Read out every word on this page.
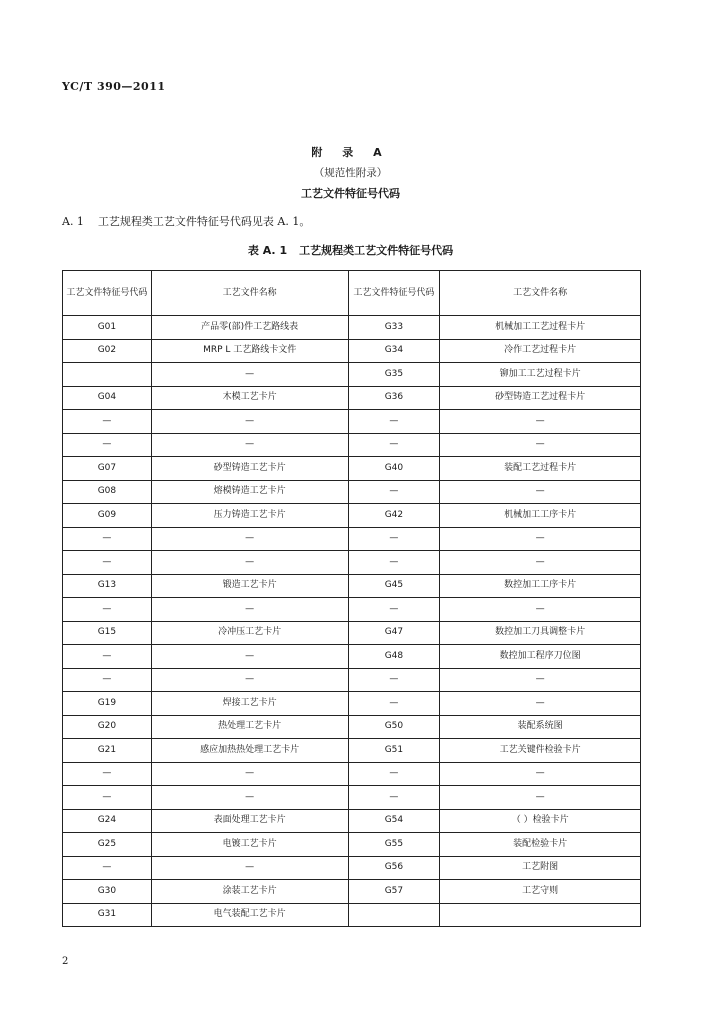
YC/T 390—2011
附 录 A
（规范性附录）
工艺文件特征号代码
A. 1 工艺规程类工艺文件特征号代码见表 A. 1。
表 A. 1 工艺规程类工艺文件特征号代码
工艺文件特征号代码	工艺文件名称	工艺文件特征号代码	工艺文件名称
G01	产品零(部)件工艺路线表	G33	机械加工工艺过程卡片
G02	MRP L 工艺路线卡文件	G34	冷作工艺过程卡片
	—	G35	铆加工工艺过程卡片
G04	木模工艺卡片	G36	砂型铸造工艺过程卡片
—	—	—	—
—	—	—	—
G07	砂型铸造工艺卡片	G40	装配工艺过程卡片
G08	熔模铸造工艺卡片	—	—
G09	压力铸造工艺卡片	G42	机械加工工序卡片
—	—	—	—
—	—	—	—
G13	锻造工艺卡片	G45	数控加工工序卡片
—	—	—	—
G15	冷冲压工艺卡片	G47	数控加工刀具调整卡片
—	—	G48	数控加工程序刀位图
—	—	—	—
G19	焊接工艺卡片	—	—
G20	热处理工艺卡片	G50	装配系统图
G21	感应加热热处理工艺卡片	G51	工艺关键件检验卡片
—	—	—	—
—	—	—	—
G24	表面处理工艺卡片	G54	（ ）检验卡片
G25	电镀工艺卡片	G55	装配检验卡片
—	—	G56	工艺附图
G30	涂装工艺卡片	G57	工艺守则
G31	电气装配工艺卡片		
2
